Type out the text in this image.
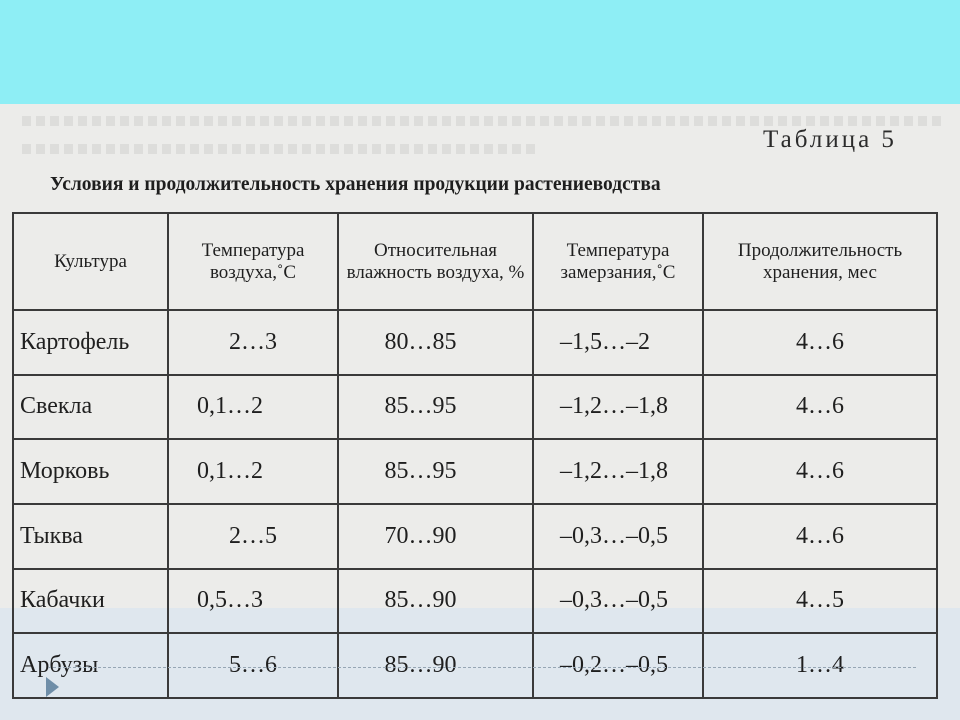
Таблица 5
Условия и продолжительность хранения продукции растениеводства
Культура	Температура воздуха,˚С	Относительная влажность воздуха, %	Температура замерзания,˚С	Продолжительность хранения, мес
Картофель	2…3	80…85	–1,5…–2	4…6
Свекла	0,1…2	85…95	–1,2…–1,8	4…6
Морковь	0,1…2	85…95	–1,2…–1,8	4…6
Тыква	2…5	70…90	–0,3…–0,5	4…6
Кабачки	0,5…3	85…90	–0,3…–0,5	4…5
Арбузы	5…6	85…90	–0,2…–0,5	1…4
